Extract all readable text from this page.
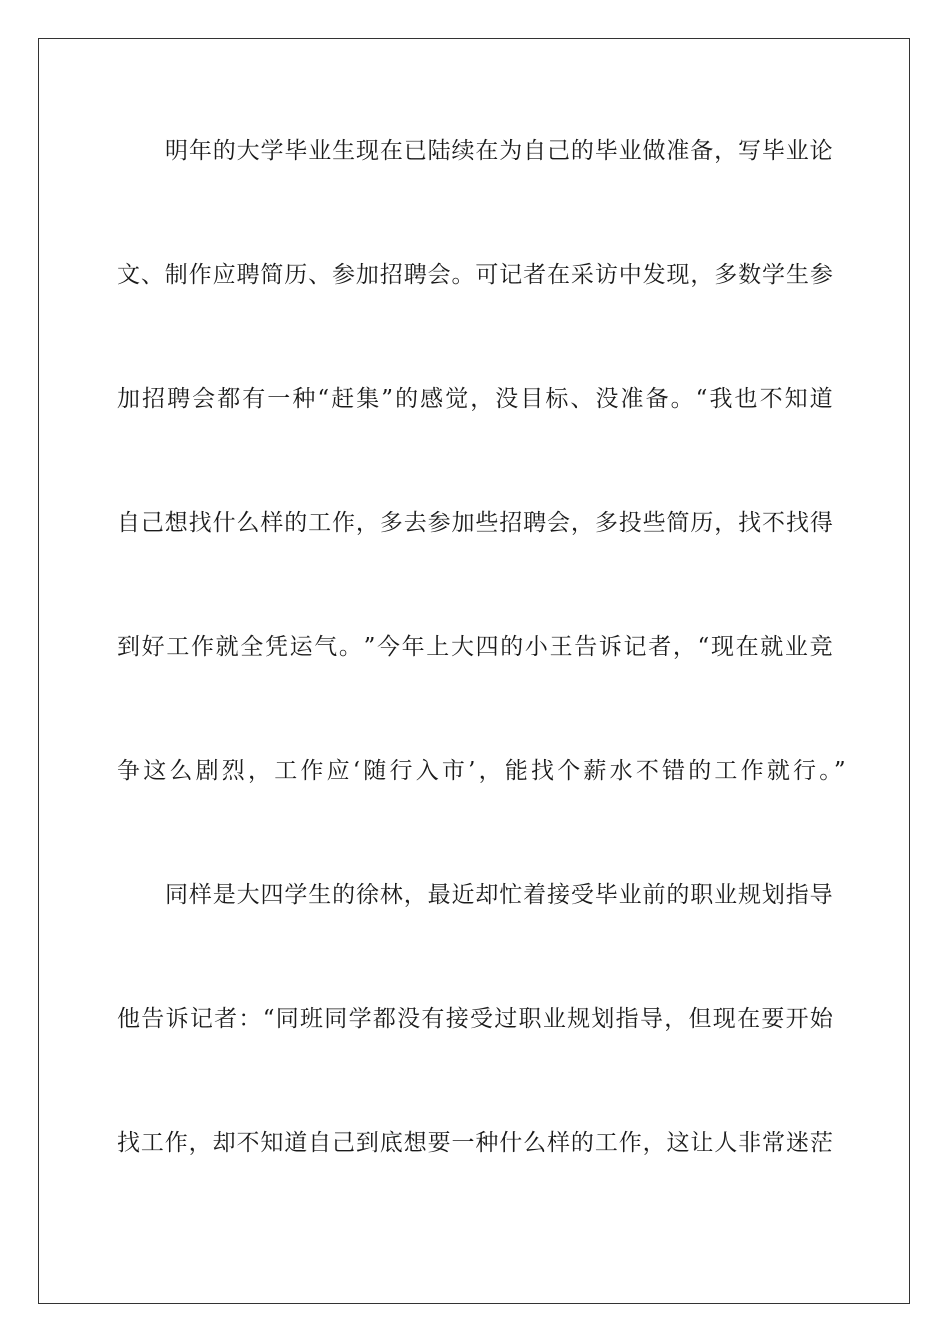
明 年 的 大 学 毕 业 生 现 在 已 陆 续 在 为 自 己 的 毕 业 做 准 备 ， 写 毕 业 论
文 、 制 作 应 聘 简 历 、 参 加 招 聘 会 。 可 记 者 在 采 访 中 发 现 ， 多 数 学 生 参
加 招 聘 会 都 有 一 种 “ 赶 集 ” 的 感 觉 ， 没 目 标 、 没 准 备 。 “ 我 也 不 知 道
自 己 想 找 什 么 样 的 工 作 ， 多 去 参 加 些 招 聘 会 ， 多 投 些 简 历 ， 找 不 找 得
到 好 工 作 就 全 凭 运 气 。 ” 今 年 上 大 四 的 小 王 告 诉 记 者 ， “ 现 在 就 业 竞
争这么剧烈，工作应‘随行入市’，能找个薪水不错的工作就行。”
同 样 是 大 四 学 生 的 徐 林 ， 最 近 却 忙 着 接 受 毕 业 前 的 职 业 规 划 指 导
他 告 诉 记 者 ： “ 同 班 同 学 都 没 有 接 受 过 职 业 规 划 指 导 ， 但 现 在 要 开 始
找 工 作 ， 却 不 知 道 自 己 到 底 想 要 一 种 什 么 样 的 工 作 ， 这 让 人 非 常 迷 茫
